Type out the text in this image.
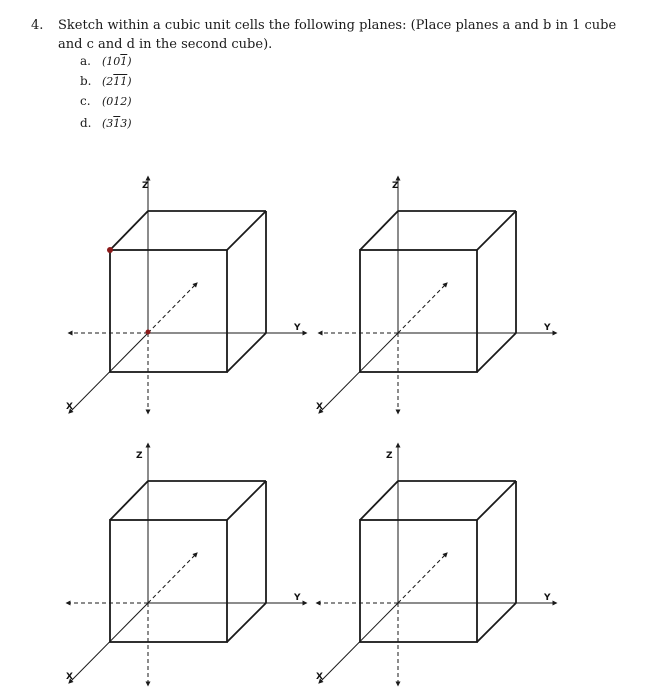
4. Sketch within a cubic unit cells the following planes: (Place planes a and b in 1 cube and c and d in the second cube).
a. (101)
b. (211)
c. (012)
d. (313)
Z
Y
X
Z
Y
X
Z
Y
X
Z
Y
X
